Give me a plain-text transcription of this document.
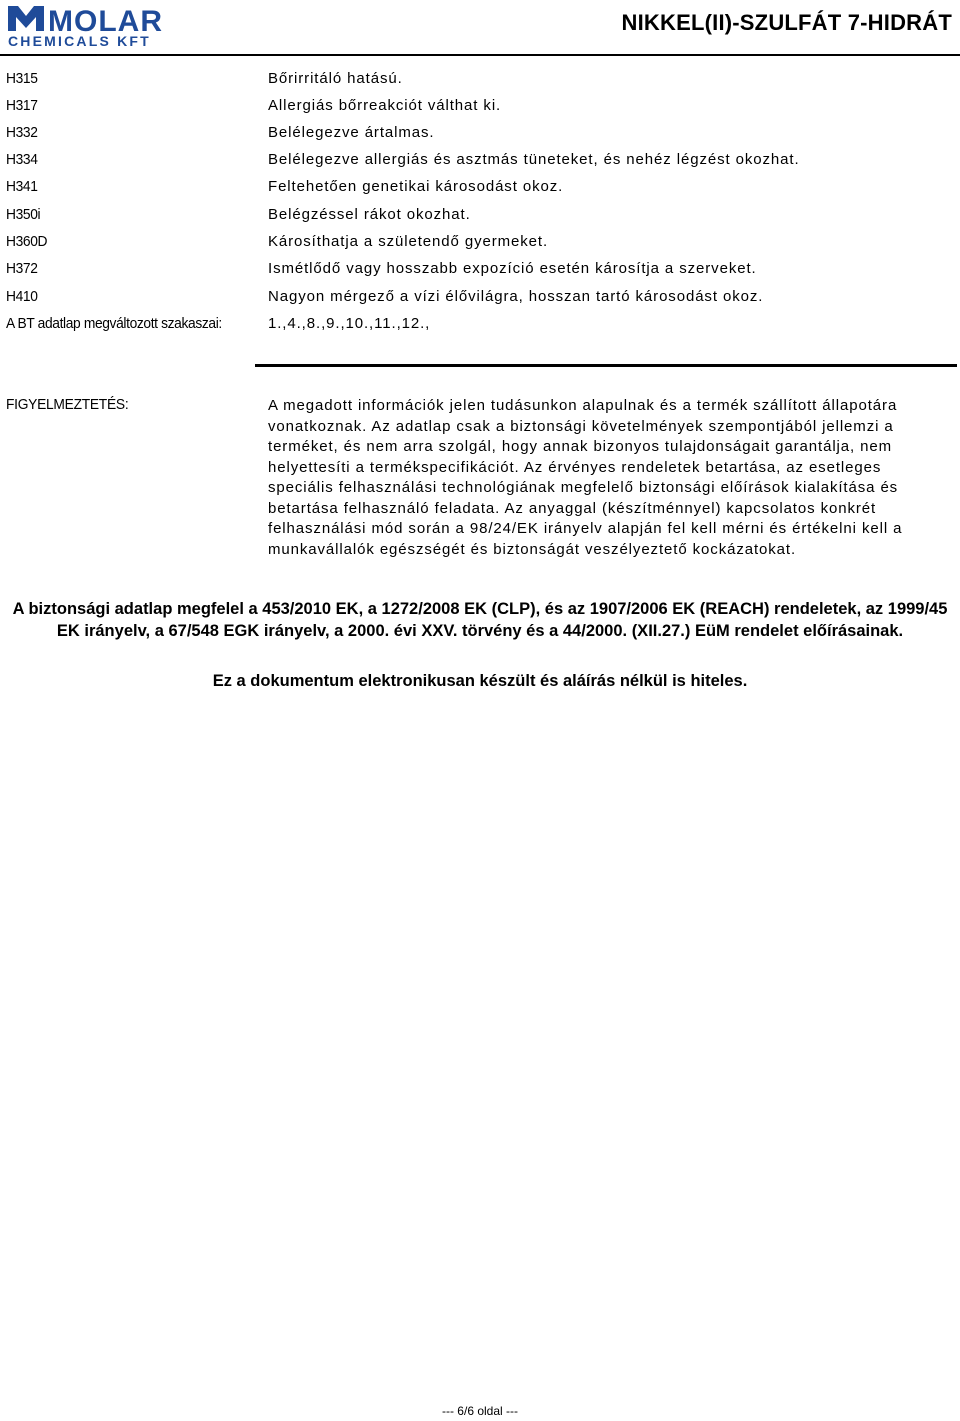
MOLAR
CHEMICALS KFT
NIKKEL(II)-SZULFÁT 7-HIDRÁT
H315	Bőrirritáló hatású.
H317	Allergiás bőrreakciót válthat ki.
H332	Belélegezve ártalmas.
H334	Belélegezve allergiás és asztmás tüneteket, és nehéz légzést okozhat.
H341	Feltehetően genetikai károsodást okoz.
H350i	Belégzéssel rákot okozhat.
H360D	Károsíthatja a születendő gyermeket.
H372	Ismétlődő vagy hosszabb expozíció esetén károsítja a szerveket.
H410	Nagyon mérgező a vízi élővilágra, hosszan tartó károsodást okoz.
A BT adatlap megváltozott szakaszai:	1.,4.,8.,9.,10.,11.,12.,
FIGYELMEZTETÉS:	A megadott információk jelen tudásunkon alapulnak és a termék szállított állapotára vonatkoznak. Az adatlap csak a biztonsági követelmények szempontjából jellemzi a terméket, és nem arra szolgál, hogy annak bizonyos tulajdonságait garantálja, nem helyettesíti a termékspecifikációt. Az érvényes rendeletek betartása, az esetleges speciális felhasználási technológiának megfelelő biztonsági előírások kialakítása és betartása felhasználó feladata. Az anyaggal (készítménnyel) kapcsolatos konkrét felhasználási mód során a 98/24/EK irányelv alapján fel kell mérni és értékelni kell a munkavállalók egészségét és biztonságát veszélyeztető kockázatokat.
A biztonsági adatlap megfelel a 453/2010 EK, a 1272/2008 EK (CLP), és az 1907/2006 EK (REACH) rendeletek, az 1999/45 EK irányelv, a 67/548 EGK irányelv, a 2000. évi XXV. törvény és a 44/2000. (XII.27.) EüM rendelet előírásainak.
Ez a dokumentum elektronikusan készült és aláírás nélkül is hiteles.
--- 6/6 oldal ---
